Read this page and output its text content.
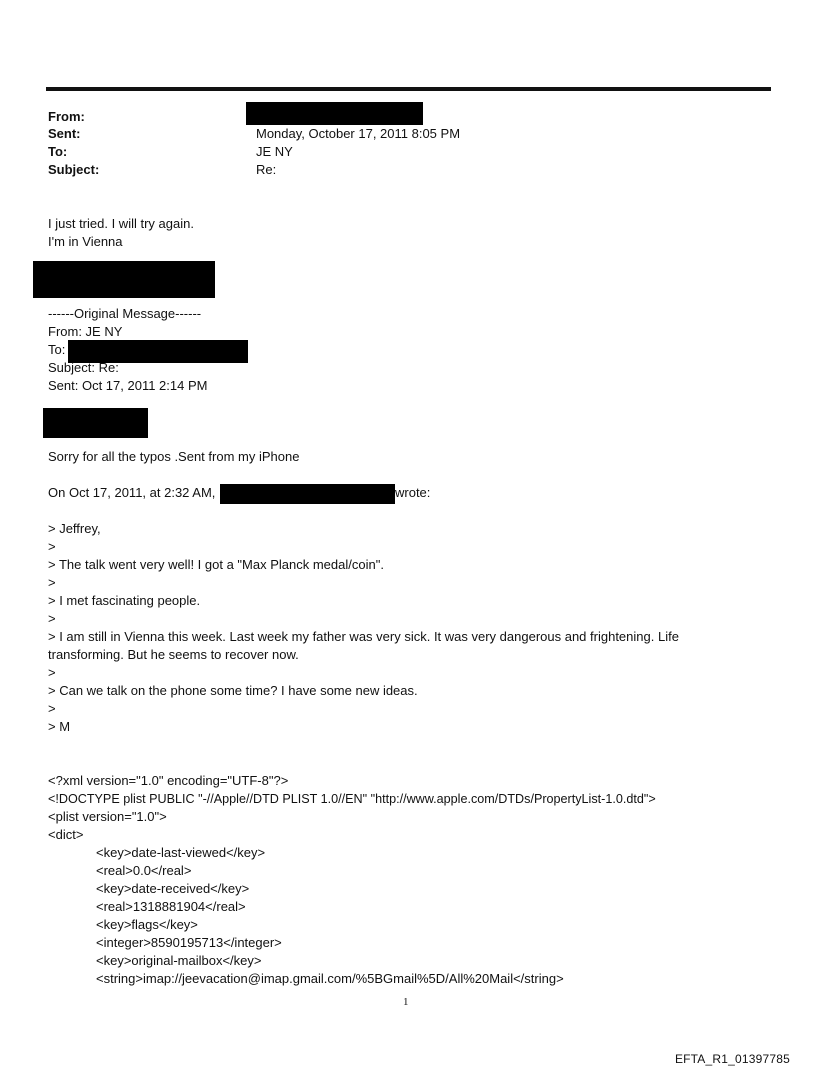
From:
Sent:	Monday, October 17, 2011 8:05 PM
To:	JE NY
Subject:	Re:
I just tried. I will try again.
I'm in Vienna
------Original Message------
From: JE NY
To:
Subject: Re:
Sent: Oct 17, 2011 2:14 PM
Sorry for all the typos .Sent from my iPhone
On Oct 17, 2011, at 2:32 AM,	wrote:
> Jeffrey,
>
> The talk went very well! I got a "Max Planck medal/coin".
>
> I met fascinating people.
>
> I am still in Vienna this week. Last week my father was very sick. It was very dangerous and frightening. Life
transforming. But he seems to recover now.
>
> Can we talk on the phone some time? I have some new ideas.
>
> M
<?xml version="1.0" encoding="UTF-8"?>
<!DOCTYPE plist PUBLIC "-//Apple//DTD PLIST 1.0//EN" "http://www.apple.com/DTDs/PropertyList-1.0.dtd">
<plist version="1.0">
<dict>
<key>date-last-viewed</key>
<real>0.0</real>
<key>date-received</key>
<real>1318881904</real>
<key>flags</key>
<integer>8590195713</integer>
<key>original-mailbox</key>
<string>imap://jeevacation@imap.gmail.com/%5BGmail%5D/All%20Mail</string>
1
EFTA_R1_01397785
